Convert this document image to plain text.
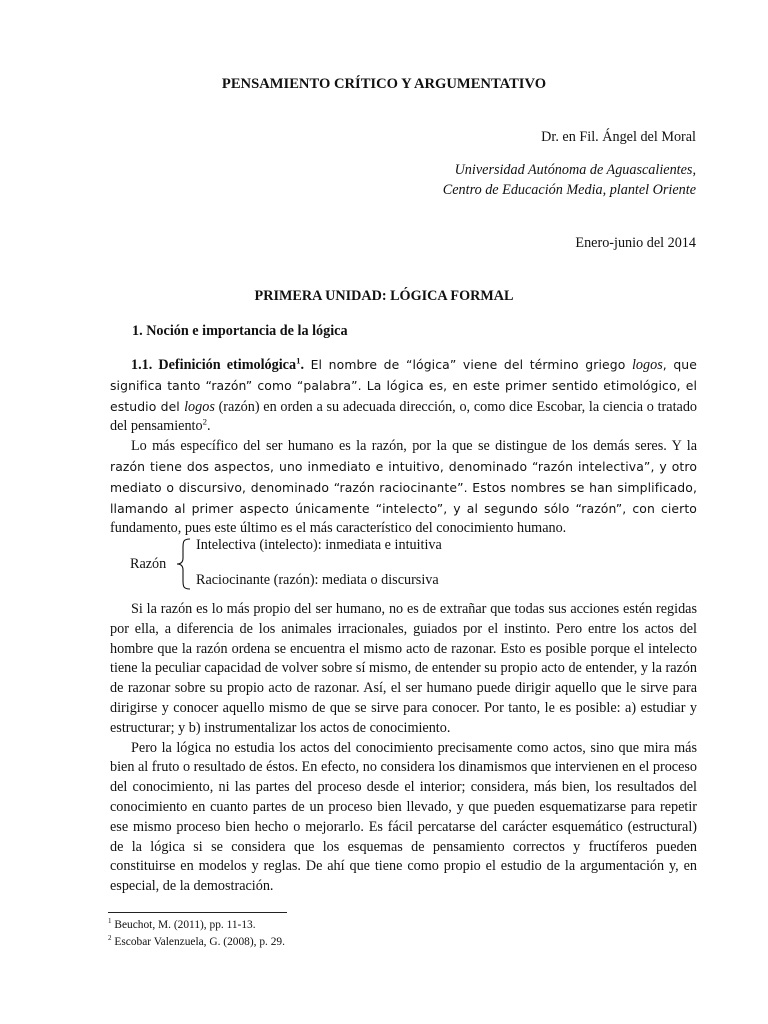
PENSAMIENTO CRÍTICO Y ARGUMENTATIVO
Dr. en Fil. Ángel del Moral
Universidad Autónoma de Aguascalientes,
Centro de Educación Media, plantel Oriente
Enero-junio del 2014
PRIMERA UNIDAD: LÓGICA FORMAL
1. Noción e importancia de la lógica

1.1. Definición etimológica$^1$. El nombre de “lógica” viene del término griego logos, que significa tanto “razón” como “palabra”. La lógica es, en este primer sentido etimológico, el estudio del logos (razón) en orden a su adecuada dirección, o, como dice Escobar, la ciencia o tratado del pensamiento$^2$.

Lo más específico del ser humano es la razón, por la que se distingue de los demás seres. Y la razón tiene dos aspectos, uno inmediato e intuitivo, denominado “razón intelectiva”, y otro mediato o discursivo, denominado “razón raciocinante”. Estos nombres se han simplificado, llamando al primer aspecto únicamente “intelecto”, y al segundo sólo “razón”, con cierto fundamento, pues este último es el más característico del conocimiento humano.

Razón
Intelectiva (intelecto): inmediata e intuitiva
Raciocinante (razón): mediata o discursiva

Si la razón es lo más propio del ser humano, no es de extrañar que todas sus acciones estén regidas por ella, a diferencia de los animales irracionales, guiados por el instinto. Pero entre los actos del hombre que la razón ordena se encuentra el mismo acto de razonar. Esto es posible porque el intelecto tiene la peculiar capacidad de volver sobre sí mismo, de entender su propio acto de entender, y la razón de razonar sobre su propio acto de razonar. Así, el ser humano puede dirigir aquello que le sirve para dirigirse y conocer aquello mismo de que se sirve para conocer. Por tanto, le es posible: a) estudiar y estructurar; y b) instrumentalizar los actos de conocimiento.

Pero la lógica no estudia los actos del conocimiento precisamente como actos, sino que mira más bien al fruto o resultado de éstos. En efecto, no considera los dinamismos que intervienen en el proceso del conocimiento, ni las partes del proceso desde el interior; considera, más bien, los resultados del conocimiento en cuanto partes de un proceso bien llevado, y que pueden esquematizarse para repetir ese mismo proceso bien hecho o mejorarlo. Es fácil percatarse del carácter esquemático (estructural) de la lógica si se considera que los esquemas de pensamiento correctos y fructíferos pueden constituirse en modelos y reglas. De ahí que tiene como propio el estudio de la argumentación y, en especial, de la demostración.

$^1$ Beuchot, M. (2011), pp. 11-13.
$^2$ Escobar Valenzuela, G. (2008), p. 29.
